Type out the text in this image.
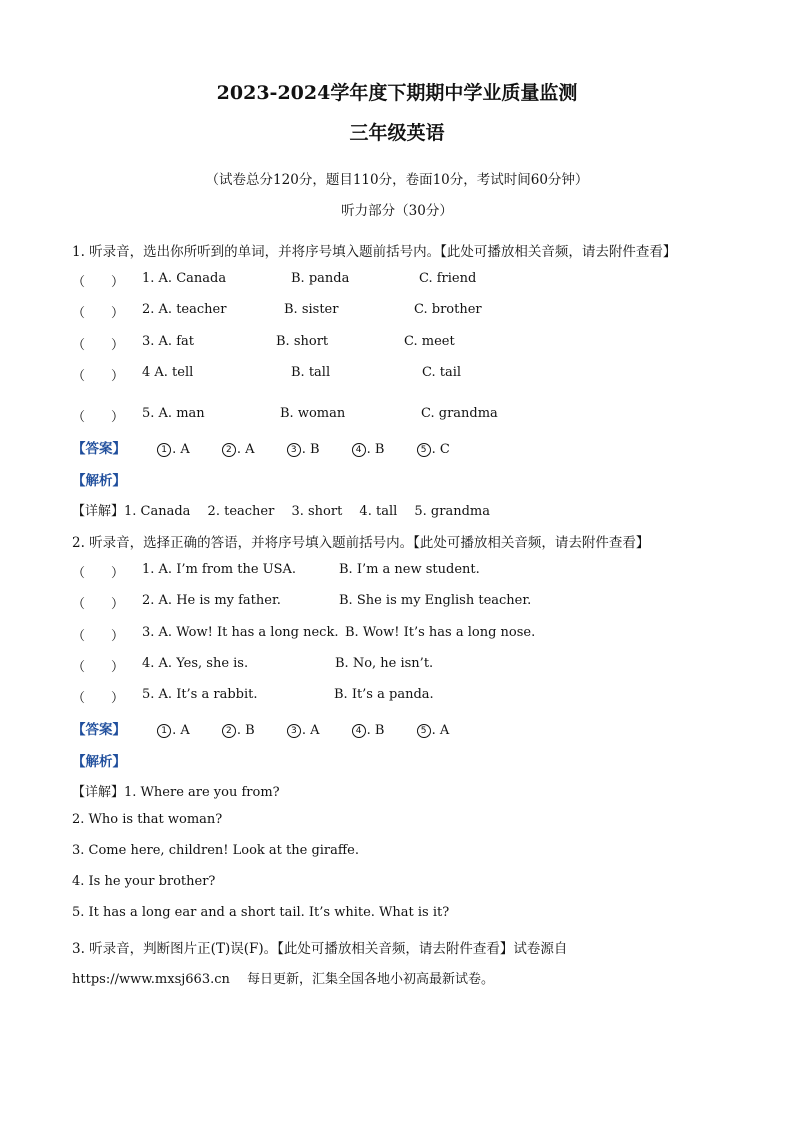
2023-2024学年度下期期中学业质量监测
三年级英语
（试卷总分120分，题目110分，卷面10分，考试时间60分钟）
听力部分（30分）
1. 听录音，选出你所听到的单词，并将序号填入题前括号内。【此处可播放相关音频，请去附件查看】
（　　） 1. A. Canada	B. panda	C. friend
（　　） 2. A. teacher	B. sister	C. brother
（　　） 3. A. fat	B. short	C. meet
（　　） 4 A. tell	B. tall	C. tail
（　　） 5. A. man	B. woman	C. grandma
【答案】	1 . A	2 . A	3 . B	4 . B	5 . C
【解析】
【详解】1. Canada　 2. teacher　 3. short　 4. tall　 5. grandma
2. 听录音，选择正确的答语，并将序号填入题前括号内。【此处可播放相关音频，请去附件查看】
（　　） 1. A. I’m from the USA.	B. I’m a new student.
（　　） 2. A. He is my father.	B. She is my English teacher.
（　　） 3. A. Wow! It has a long neck. B. Wow! It’s has a long nose.
（　　） 4. A. Yes, she is.	B. No, he isn’t.
（　　） 5. A. It’s a rabbit.	B. It’s a panda.
【答案】	1 . A	2 . B	3 . A	4 . B	5 . A
【解析】
【详解】1. Where are you from?
2. Who is that woman?
3. Come here, children! Look at the giraffe.
4. Is he your brother?
5. It has a long ear and a short tail. It’s white. What is it?
3. 听录音，判断图片正(T)误(F)。【此处可播放相关音频，请去附件查看】试卷源自
https://www.mxsj663.cn　 每日更新，汇集全国各地小初高最新试卷。
